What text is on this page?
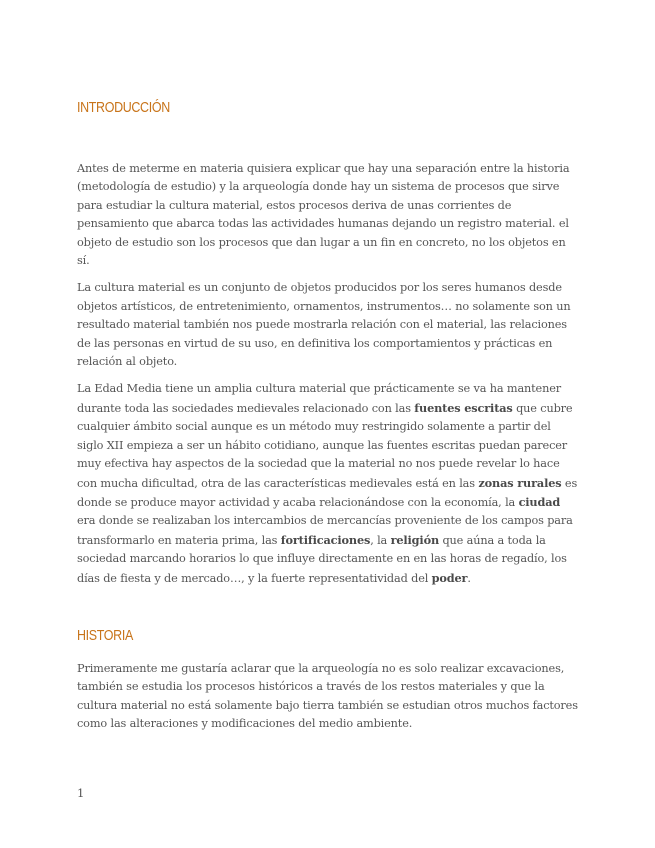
INTRODUCCIÓN

Antes de meterme en materia quisiera explicar que hay una separación entre la historia (metodología de estudio) y la arqueología donde hay un sistema de procesos que sirve para estudiar la cultura material, estos procesos deriva de unas corrientes de pensamiento que abarca todas las actividades humanas dejando un registro material. el objeto de estudio son los procesos que dan lugar a un fin en concreto, no los objetos en sí.

La cultura material es un conjunto de objetos producidos por los seres humanos desde objetos artísticos, de entretenimiento, ornamentos, instrumentos… no solamente son un resultado material también nos puede mostrarla relación con el material, las relaciones de las personas en virtud de su uso, en definitiva los comportamientos y prácticas en relación al objeto.

La Edad Media tiene un amplia cultura material que prácticamente se va ha mantener durante toda las sociedades medievales relacionado con las fuentes escritas que cubre cualquier ámbito social aunque es un método muy restringido solamente a partir del siglo XII empieza a ser un hábito cotidiano, aunque las fuentes escritas puedan parecer muy efectiva hay aspectos de la sociedad que la material no nos puede revelar lo hace con mucha dificultad, otra de las características medievales está en las zonas rurales es donde se produce mayor actividad y acaba relacionándose con la economía, la ciudad era donde se realizaban los intercambios de mercancías proveniente de los campos para transformarlo en materia prima, las fortificaciones, la religión que aúna a toda la sociedad marcando horarios lo que influye directamente en en las horas de regadío, los días de fiesta y de mercado…, y la fuerte representatividad del poder.

HISTORIA

Primeramente me gustaría aclarar que la arqueología no es solo realizar excavaciones, también se estudia los procesos históricos a través de los restos materiales y que la cultura material no está solamente bajo tierra también se estudian otros muchos factores como las alteraciones y modificaciones del medio ambiente.

1
